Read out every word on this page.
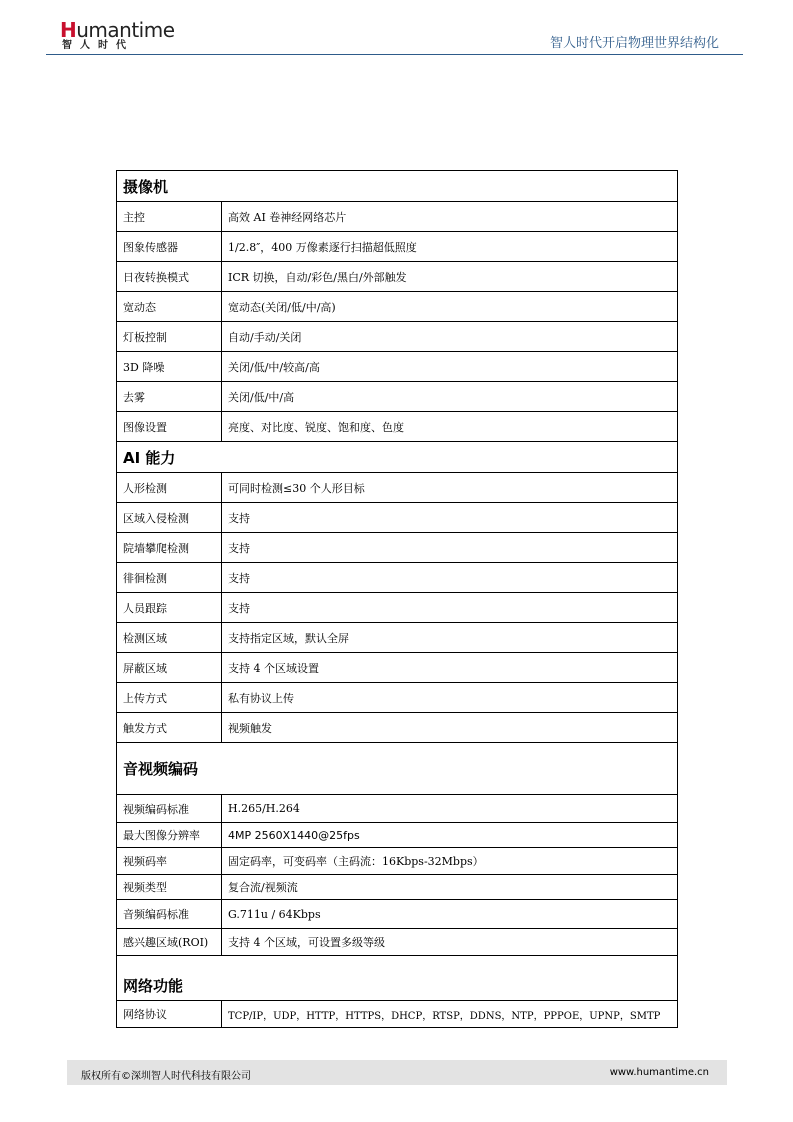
Humantime
智人时代	智人时代开启物理世界结构化
摄像机	
主控	高效 AI 卷神经网络芯片
图象传感器	1/2.8″，400 万像素逐行扫描超低照度
日夜转换模式	ICR 切换，自动/彩色/黑白/外部触发
宽动态	宽动态(关闭/低/中/高)
灯板控制	自动/手动/关闭
3D 降噪	关闭/低/中/较高/高
去雾	关闭/低/中/高
图像设置	亮度、对比度、锐度、饱和度、色度
AI 能力	
人形检测	可同时检测≤30 个人形目标
区域入侵检测	支持
院墙攀爬检测	支持
徘徊检测	支持
人员跟踪	支持
检测区域	支持指定区域，默认全屏
屏蔽区域	支持 4 个区域设置
上传方式	私有协议上传
触发方式	视频触发
音视频编码	
视频编码标准	H.265/H.264
最大图像分辨率	4MP 2560X1440@25fps
视频码率	固定码率，可变码率（主码流：16Kbps-32Mbps）
视频类型	复合流/视频流
音频编码标准	G.711u / 64Kbps
感兴趣区域(ROI)	支持 4 个区域，可设置多级等级
网络功能	
网络协议	TCP/IP，UDP，HTTP，HTTPS，DHCP，RTSP，DDNS，NTP，PPPOE，UPNP，SMTP
版权所有©深圳智人时代科技有限公司	www.humantime.cn
